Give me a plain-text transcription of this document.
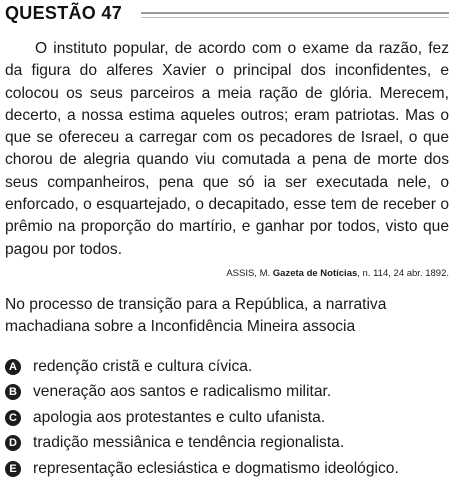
QUESTÃO 47

O instituto popular, de acordo com o exame da razão, fez da figura do alferes Xavier o principal dos inconfidentes, e colocou os seus parceiros a meia ração de glória. Merecem, decerto, a nossa estima aqueles outros; eram patriotas. Mas o que se ofereceu a carregar com os pecadores de Israel, o que chorou de alegria quando viu comutada a pena de morte dos seus companheiros, pena que só ia ser executada nele, o enforcado, o esquartejado, o decapitado, esse tem de receber o prêmio na proporção do martírio, e ganhar por todos, visto que pagou por todos.

ASSIS, M. Gazeta de Notícias, n. 114, 24 abr. 1892.

No processo de transição para a República, a narrativa machadiana sobre a Inconfidência Mineira associa

A redenção cristã e cultura cívica.
B veneração aos santos e radicalismo militar.
C apologia aos protestantes e culto ufanista.
D tradição messiânica e tendência regionalista.
E representação eclesiástica e dogmatismo ideológico.
